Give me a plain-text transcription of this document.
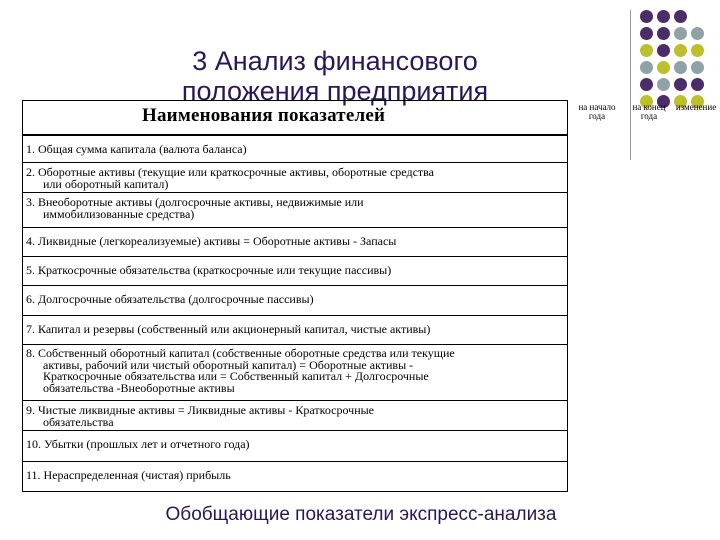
3 Анализ финансового
положения предприятия
на начало года
на конец года
изменение
Наименования показателей
1. Общая сумма капитала (валюта баланса)
2. Оборотные активы (текущие или краткосрочные активы, оборотные средства
или оборотный капитал)
3. Внеоборотные активы (долгосрочные активы, недвижимые или
иммобилизованные средства)
4. Ликвидные (легкореализуемые) активы = Оборотные активы - Запасы
5. Краткосрочные обязательства (краткосрочные или текущие пассивы)
6. Долгосрочные обязательства (долгосрочные пассивы)
7. Капитал и резервы (собственный или акционерный капитал, чистые активы)
8. Собственный оборотный капитал (собственные оборотные средства или текущие
активы, рабочий или чистый оборотный капитал) = Оборотные активы -
Краткосрочные обязательства или = Собственный капитал + Долгосрочные
обязательства -Внеоборотные активы
9. Чистые ликвидные активы = Ликвидные активы - Краткосрочные
обязательства
10. Убытки (прошлых лет и отчетного года)
11. Нераспределенная (чистая) прибыль
Обобщающие показатели экспресс-анализа
